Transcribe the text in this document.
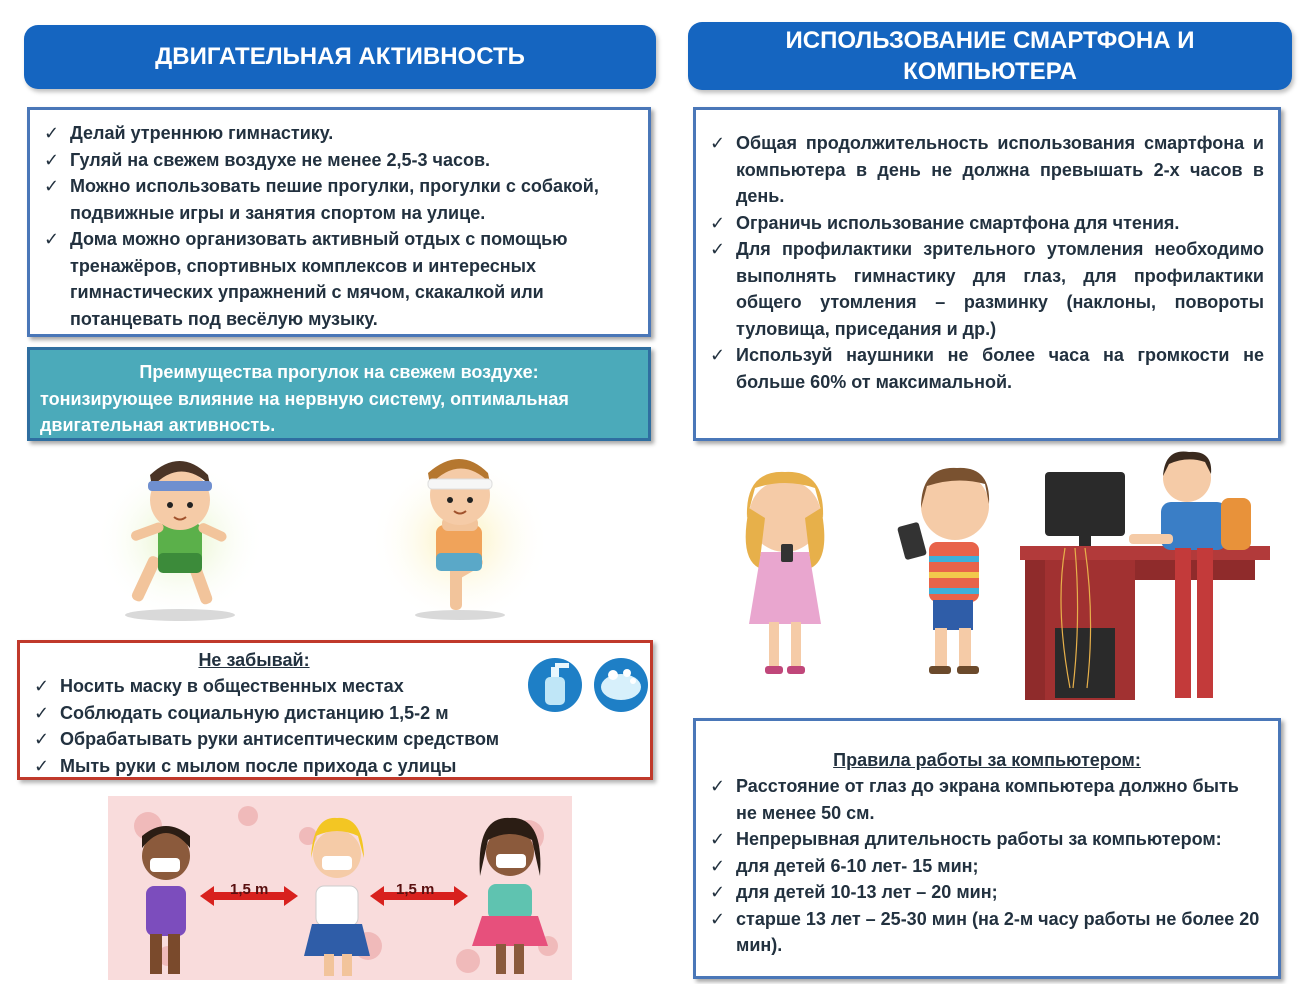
ДВИГАТЕЛЬНАЯ АКТИВНОСТЬ
ИСПОЛЬЗОВАНИЕ СМАРТФОНА И
КОМПЬЮТЕРА
✓ Делай утреннюю гимнастику.
✓ Гуляй на свежем воздухе не менее 2,5-3 часов.
✓ Можно использовать пешие прогулки, прогулки с собакой, подвижные игры и занятия спортом на улице.
✓ Дома можно организовать активный отдых с помощью тренажёров, спортивных комплексов и интересных гимнастических упражнений с мячом, скакалкой или потанцевать под весёлую музыку.
Преимущества прогулок на свежем воздухе:
тонизирующее влияние на нервную систему, оптимальная двигательная активность.
Не забывай:
✓ Носить маску в общественных местах
✓ Соблюдать социальную дистанцию 1,5-2 м
✓ Обрабатывать руки антисептическим средством
✓ Мыть руки с мылом после прихода с улицы
1,5 m	1,5 m
✓ Общая продолжительность использования смартфона и компьютера в день не должна превышать 2-х часов в день.
✓ Ограничь использование смартфона для чтения.
✓ Для профилактики зрительного утомления необходимо выполнять гимнастику для глаз, для профилактики общего утомления – разминку (наклоны, повороты туловища, приседания и др.)
✓ Используй наушники не более часа на громкости не больше 60% от максимальной.
Правила работы за компьютером:
✓ Расстояние от глаз до экрана компьютера должно быть не менее 50 см.
✓ Непрерывная длительность работы за компьютером:
✓ для детей 6-10 лет- 15 мин;
✓ для детей 10-13 лет – 20 мин;
✓ старше 13 лет – 25-30 мин (на 2-м часу работы не более 20 мин).
